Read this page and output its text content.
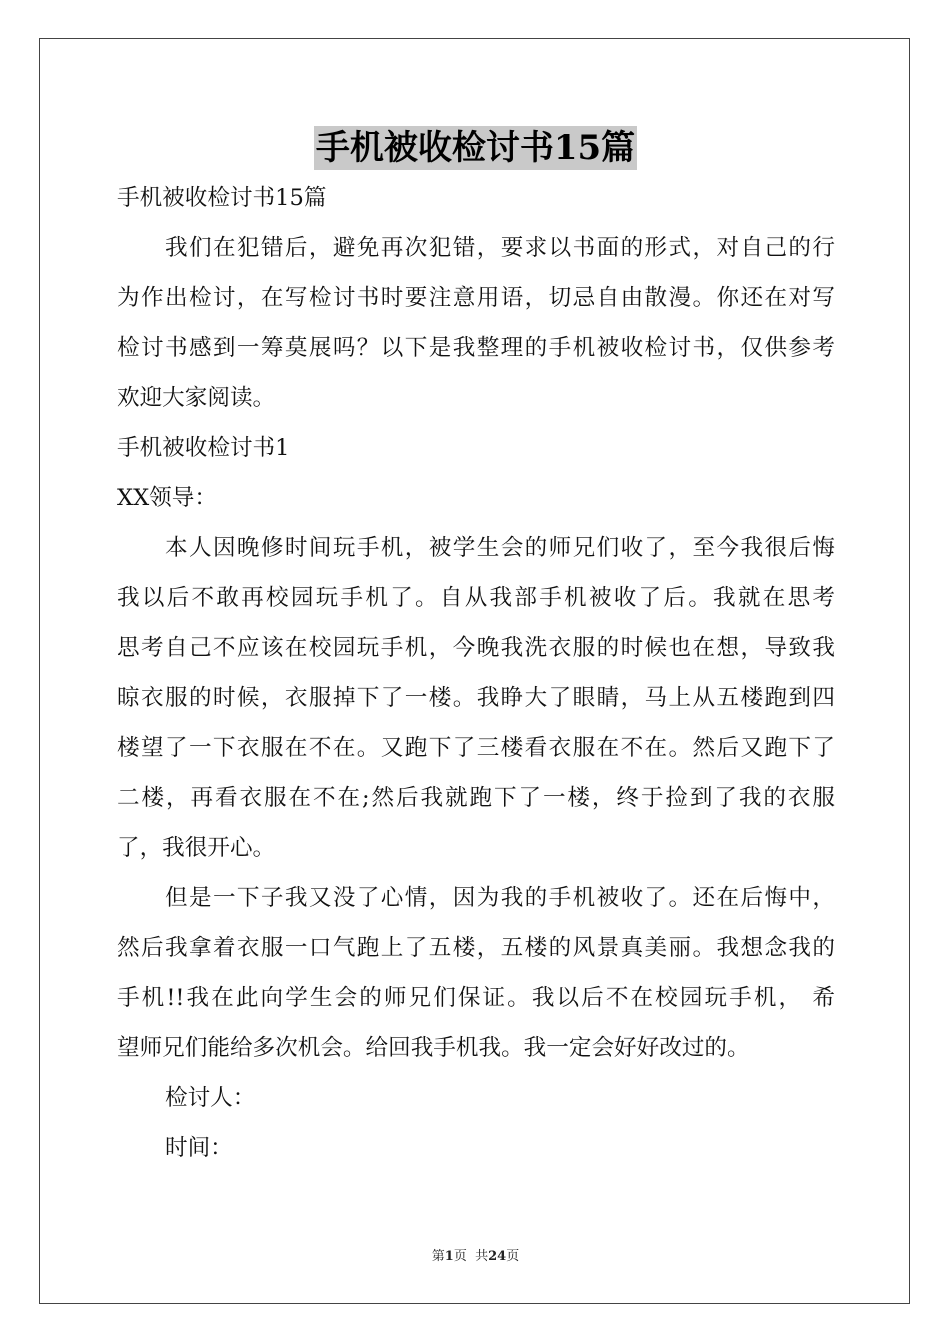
手机被收检讨书15篇
手机被收检讨书15篇
我们在犯错后，避免再次犯错，要求以书面的形式，对自己的行
为作出检讨，在写检讨书时要注意用语，切忌自由散漫。你还在对写
检讨书感到一筹莫展吗？以下是我整理的手机被收检讨书，仅供参考
欢迎大家阅读。
手机被收检讨书1
XX领导：
本人因晚修时间玩手机，被学生会的师兄们收了，至今我很后悔
我以后不敢再校园玩手机了。自从我部手机被收了后。我就在思考
思考自己不应该在校园玩手机，今晚我洗衣服的时候也在想，导致我
晾衣服的时候，衣服掉下了一楼。我睁大了眼睛，马上从五楼跑到四
楼望了一下衣服在不在。又跑下了三楼看衣服在不在。然后又跑下了
二楼，再看衣服在不在;然后我就跑下了一楼，终于捡到了我的衣服
了，我很开心。
但是一下子我又没了心情，因为我的手机被收了。还在后悔中，
然后我拿着衣服一口气跑上了五楼，五楼的风景真美丽。我想念我的
手机!!我在此向学生会的师兄们保证。我以后不在校园玩手机， 希
望师兄们能给多次机会。给回我手机我。我一定会好好改过的。
检讨人：
时间：
第1页  共24页
